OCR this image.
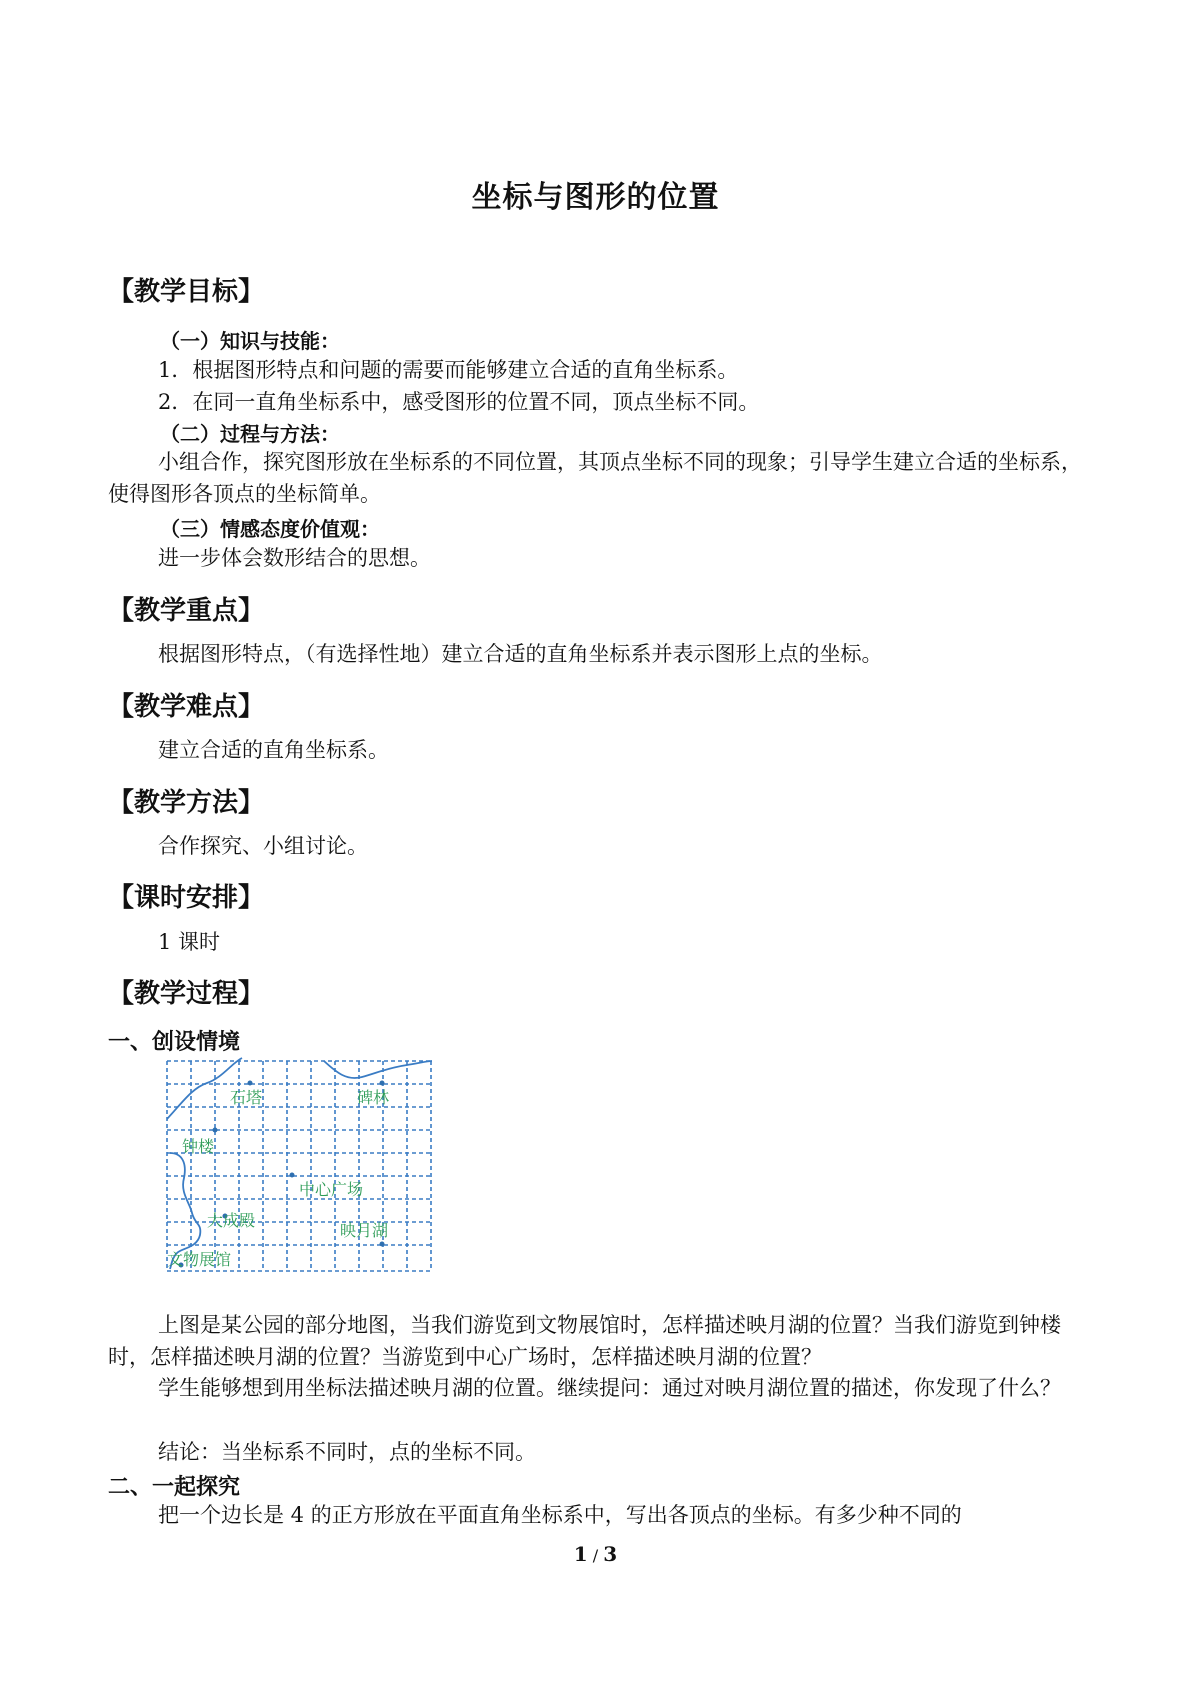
坐标与图形的位置
【教学目标】
（一）知识与技能：
1．根据图形特点和问题的需要而能够建立合适的直角坐标系。
2．在同一直角坐标系中，感受图形的位置不同，顶点坐标不同。
（二）过程与方法：
小组合作，探究图形放在坐标系的不同位置，其顶点坐标不同的现象；引导学生建立合适的坐标系，使得图形各顶点的坐标简单。
（三）情感态度价值观：
进一步体会数形结合的思想。
【教学重点】
根据图形特点，（有选择性地）建立合适的直角坐标系并表示图形上点的坐标。
【教学难点】
建立合适的直角坐标系。
【教学方法】
合作探究、小组讨论。
【课时安排】
1 课时
【教学过程】
一、创设情境
石塔	碑林
钟楼
中心广场
大成殿
映月湖
文物展馆
上图是某公园的部分地图，当我们游览到文物展馆时，怎样描述映月湖的位置？当我们游览到钟楼时，怎样描述映月湖的位置？当游览到中心广场时，怎样描述映月湖的位置？
学生能够想到用坐标法描述映月湖的位置。继续提问：通过对映月湖位置的描述，你发现了什么？
结论：当坐标系不同时，点的坐标不同。
二、一起探究
把一个边长是 4 的正方形放在平面直角坐标系中，写出各顶点的坐标。有多少种不同的
1 / 3
